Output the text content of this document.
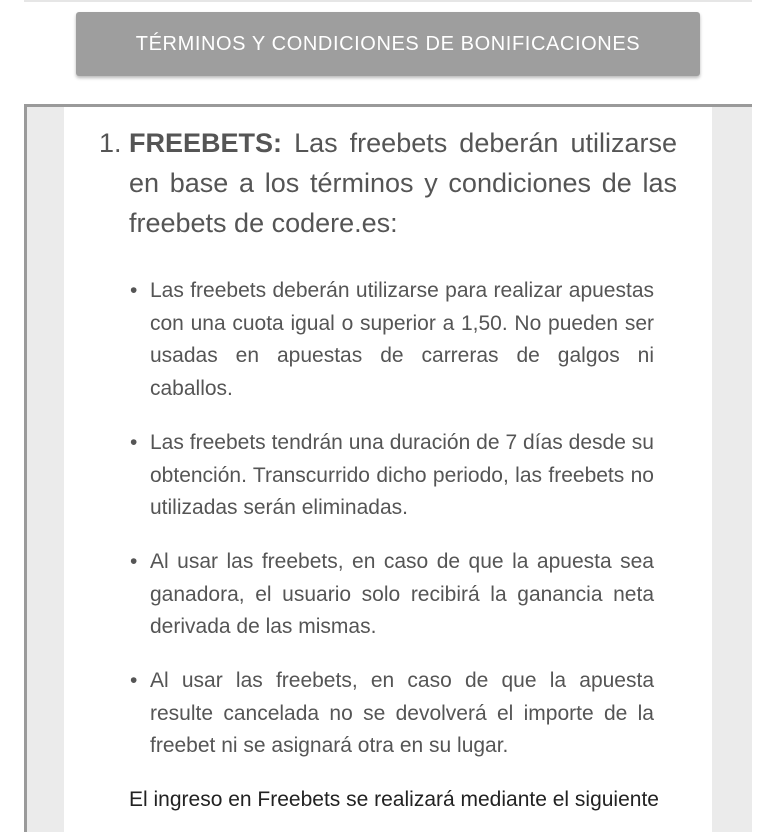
TÉRMINOS Y CONDICIONES DE BONIFICACIONES
1. FREEBETS: Las freebets deberán utilizarse en base a los términos y condiciones de las freebets de codere.es:
• Las freebets deberán utilizarse para realizar apuestas con una cuota igual o superior a 1,50. No pueden ser usadas en apuestas de carreras de galgos ni caballos.
• Las freebets tendrán una duración de 7 días desde su obtención. Transcurrido dicho periodo, las freebets no utilizadas serán eliminadas.
• Al usar las freebets, en caso de que la apuesta sea ganadora, el usuario solo recibirá la ganancia neta derivada de las mismas.
• Al usar las freebets, en caso de que la apuesta resulte cancelada no se devolverá el importe de la freebet ni se asignará otra en su lugar.
El ingreso en Freebets se realizará mediante el siguiente
